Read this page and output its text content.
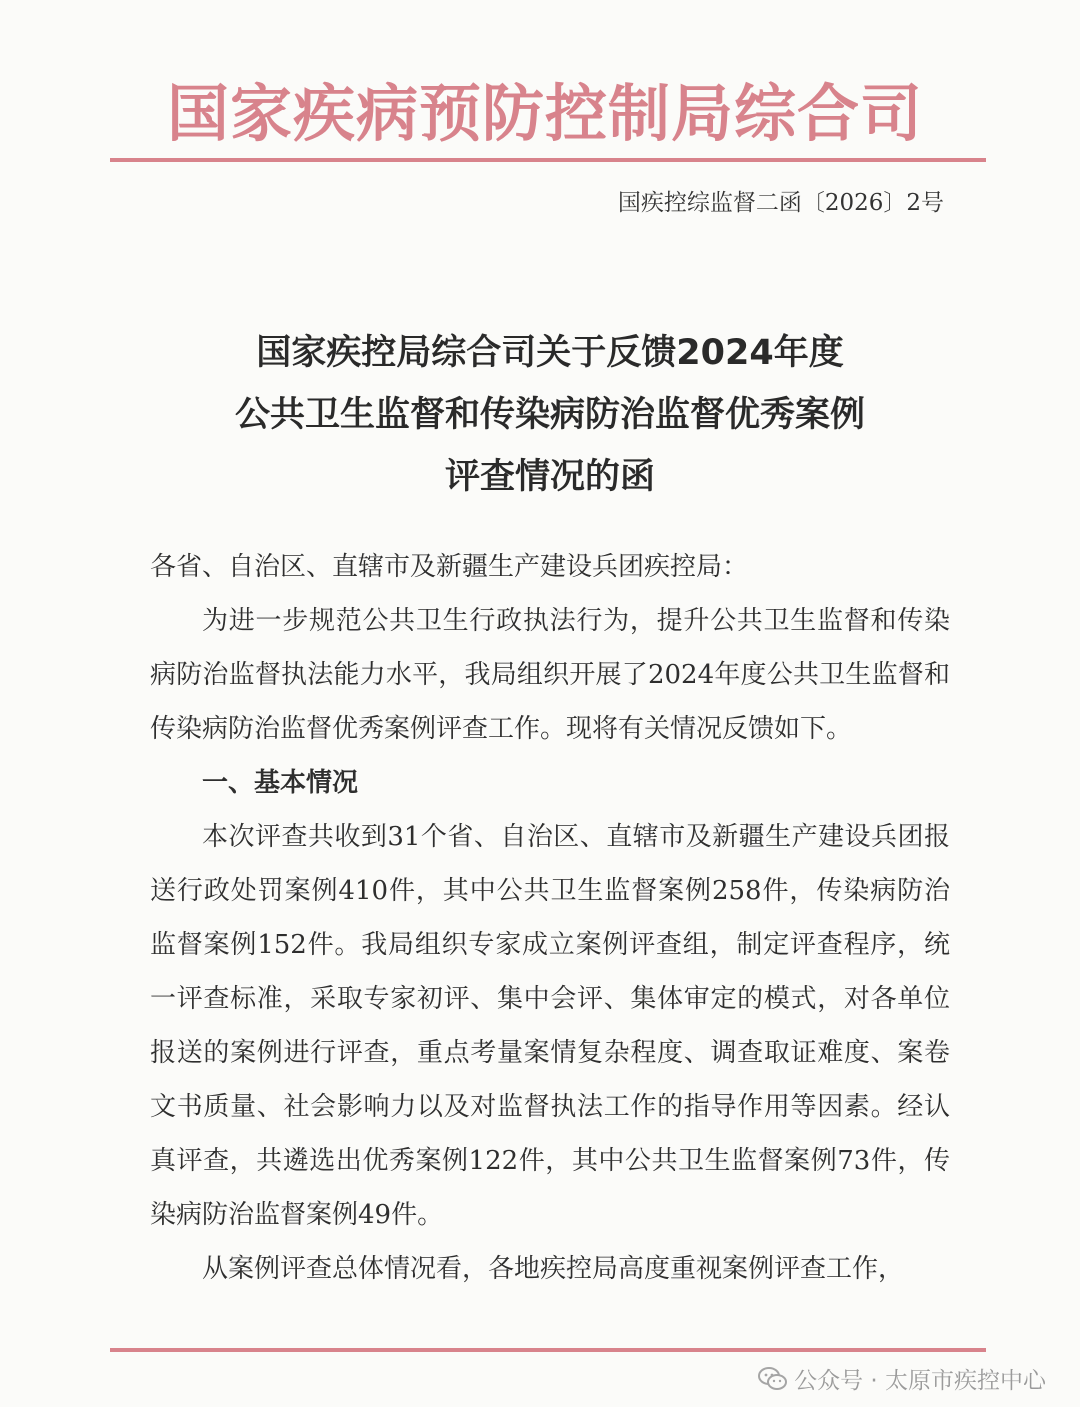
国家疾病预防控制局综合司
国疾控综监督二函〔2026〕2号
国家疾控局综合司关于反馈2024年度
公共卫生监督和传染病防治监督优秀案例
评查情况的函

各省、自治区、直辖市及新疆生产建设兵团疾控局：

为进一步规范公共卫生行政执法行为，提升公共卫生监督和传染病防治监督执法能力水平，我局组织开展了2024年度公共卫生监督和传染病防治监督优秀案例评查工作。现将有关情况反馈如下。

一、基本情况

本次评查共收到31个省、自治区、直辖市及新疆生产建设兵团报送行政处罚案例410件，其中公共卫生监督案例258件，传染病防治监督案例152件。我局组织专家成立案例评查组，制定评查程序，统一评查标准，采取专家初评、集中会评、集体审定的模式，对各单位报送的案例进行评查，重点考量案情复杂程度、调查取证难度、案卷文书质量、社会影响力以及对监督执法工作的指导作用等因素。经认真评查，共遴选出优秀案例122件，其中公共卫生监督案例73件，传染病防治监督案例49件。

从案例评查总体情况看，各地疾控局高度重视案例评查工作，

公众号 · 太原市疾控中心
